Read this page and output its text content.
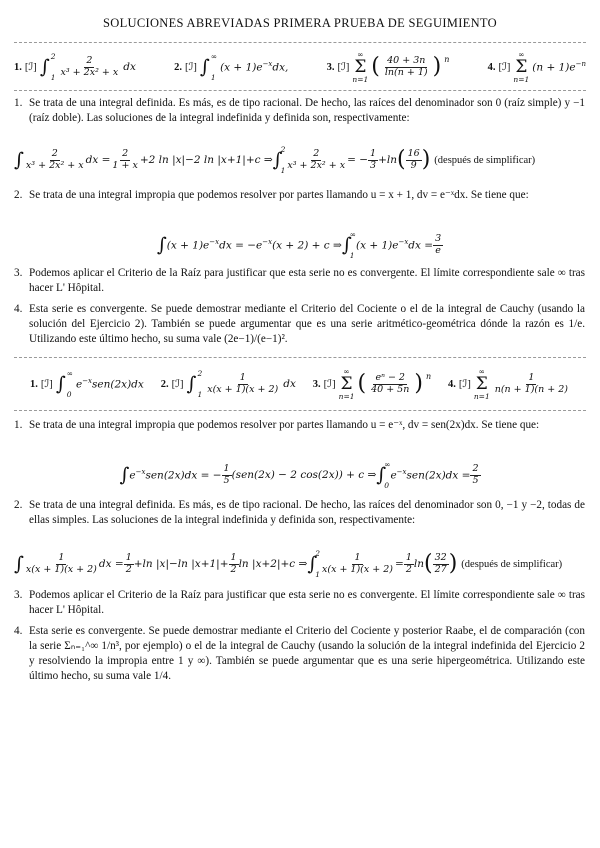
SOLUCIONES ABREVIADAS PRIMERA PRUEBA DE SEGUIMIENTO
1. [ℐ] ∫ 2
$1 \frac{2}{\text{x³ + 2x² + x}}$ dx	2. [ℐ] ∫ ∞
1
$(x + 1)e^{-x}dx$,	3. [ℐ]
∞
Σ
n=1 ( $\frac{40 + 3n}{\ln(n + 1)}$ ) $^n$
4. [ℐ]
∞
Σ
n=1
$(n + 1)e^{-n}$
1. Se trata de una integral definida. Es más, es de tipo racional. De hecho, las raíces del denominador son 0 (raíz simple) y −1 (raíz doble). Las soluciones de la integral indefinida y definida son, respectivamente:
∫ $\frac{2}{\text{x³ + 2x² + x}}$ dx = $\frac{2}{1 + x} +2$ ln |x|−2 ln |x+1|+c ⇒ ∫
2
$1 \frac{2}{\text{x³ + 2x² + x}}$ = − $\frac{1}{3} +\ln$ ( $\frac{16}{9}$ ) (después de simplificar)
2. Se trata de una integral impropia que podemos resolver por partes llamando u = x + 1, dv = e⁻ˣdx. Se tiene que:
∫ $(x + 1)e^{-x}dx = -e^{-x}(x + 2) + c$ ⇒ ∫
∞
1
$(x + 1)e^{-x}dx = \frac{3}{e}$
3. Podemos aplicar el Criterio de la Raíz para justificar que esta serie no es convergente. El límite correspondiente sale ∞ tras hacer L' Hôpital.
4. Esta serie es convergente. Se puede demostrar mediante el Criterio del Cociente o el de la integral de Cauchy (usando la solución del Ejercicio 2). También se puede argumentar que es una serie aritmético-geométrica dónde la razón es 1/e. Utilizando este último hecho, su suma vale (2e−1)/(e−1)².
1. [ℐ] ∫ ∞
0
$e^{-x}sen(2x)dx$ 2. [ℐ] ∫ 2
$1 \frac{1}{x(x + 1)(x + 2)}$ dx 3. [ℐ]
∞
Σ
n=1 ( $\frac{\text{eⁿ − 2}}{40 + 5n}$ ) $^n$
4. [ℐ]
∞
Σ
n=1
$\frac{1}{n(n + 1)(n + 2)}$
1. Se trata de una integral impropia que podemos resolver por partes llamando u = e⁻ˣ, dv = sen(2x)dx. Se tiene que:
∫ $e^{-x}sen(2x)dx$ = − $\frac{1}{5} (sen(2x) - 2$ cos(2x)) + c ⇒ ∫
∞
0
$e^{-x}sen(2x)dx = \frac{2}{5}$
2. Se trata de una integral definida. Es más, es de tipo racional. De hecho, las raíces del denominador son 0, −1 y −2, todas de ellas simples. Las soluciones de la integral indefinida y definida son, respectivamente:
∫ $\frac{1}{x(x + 1)(x + 2)}$ dx = $\frac{1}{2} +\ln$ |x|−ln $|x+1|+ \frac{1}{2}$ ln |x+2|+c ⇒ ∫
2
$1 \frac{1}{x(x + 1)(x + 2)} = \frac{1}{2}$ ln ( $\frac{32}{27}$ ) (después de simplificar)
3. Podemos aplicar el Criterio de la Raíz para justificar que esta serie no es convergente. El límite correspondiente sale ∞ tras hacer L' Hôpital.
4. Esta serie es convergente. Se puede demostrar mediante el Criterio del Cociente y posterior Raabe, el de comparación (con la serie Σₙ₌₁^∞ 1/n³, por ejemplo) o el de la integral de Cauchy (usando la solución de la integral indefinida del Ejercicio 2 y resolviendo la impropia entre 1 y ∞). También se puede argumentar que es una serie hipergeométrica. Utilizando este último hecho, su suma vale 1/4.
